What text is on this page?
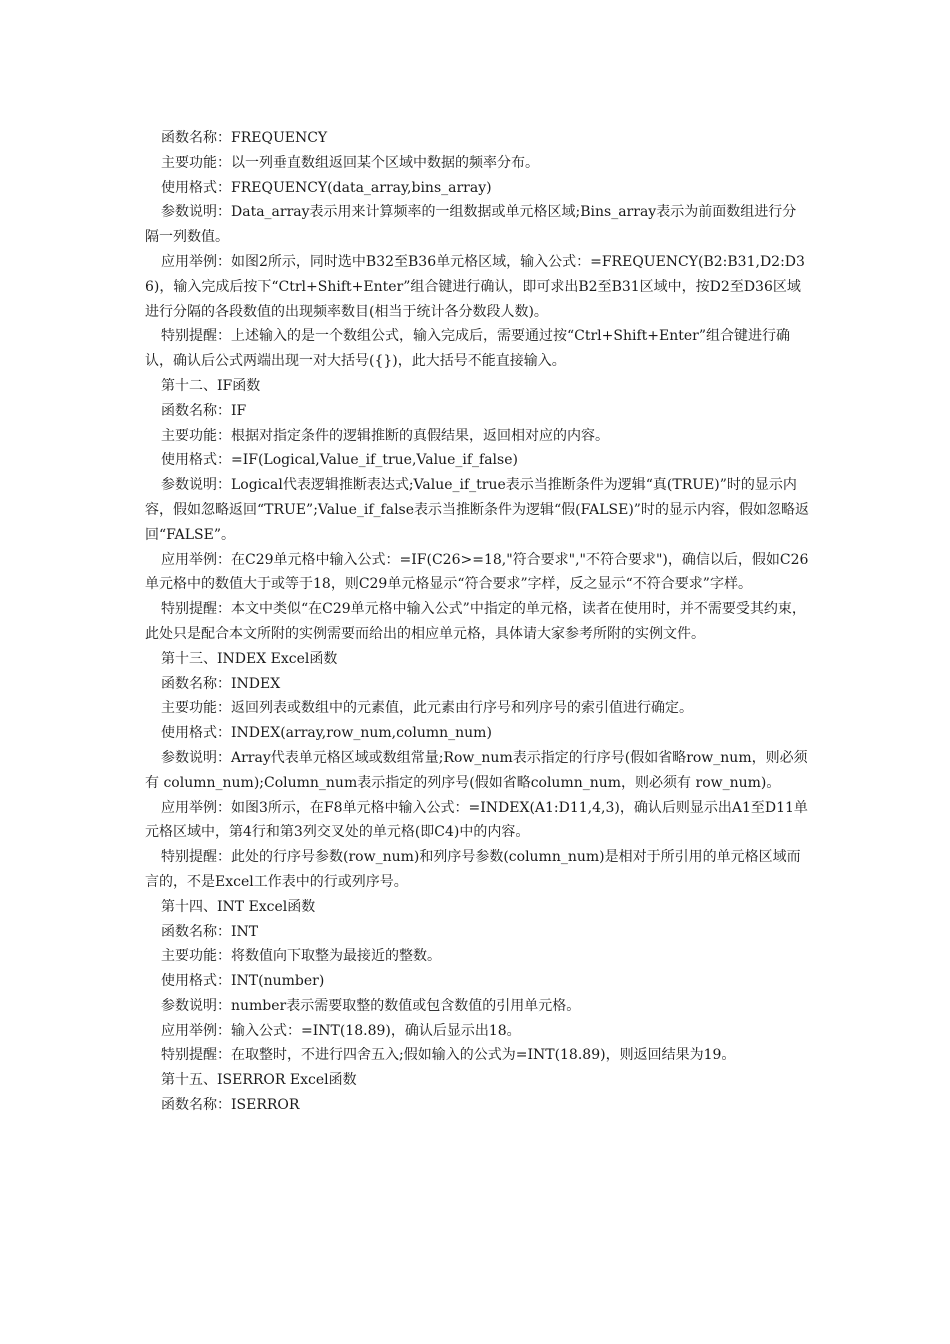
函数名称：FREQUENCY

主要功能：以一列垂直数组返回某个区域中数据的频率分布。

使用格式：FREQUENCY(data_array,bins_array)

参数说明：Data_array表示用来计算频率的一组数据或单元格区域;Bins_array表示为前面数组进行分隔一列数值。

应用举例：如图2所示，同时选中B32至B36单元格区域，输入公式：=FREQUENCY(B2:B31,D2:D36)，输入完成后按下“Ctrl+Shift+Enter”组合键进行确认，即可求出B2至B31区域中，按D2至D36区域进行分隔的各段数值的出现频率数目(相当于统计各分数段人数)。

特别提醒：上述输入的是一个数组公式，输入完成后，需要通过按“Ctrl+Shift+Enter”组合键进行确认，确认后公式两端出现一对大括号({})，此大括号不能直接输入。

第十二、IF函数

函数名称：IF

主要功能：根据对指定条件的逻辑推断的真假结果，返回相对应的内容。

使用格式：=IF(Logical,Value_if_true,Value_if_false)

参数说明：Logical代表逻辑推断表达式;Value_if_true表示当推断条件为逻辑“真(TRUE)”时的显示内容，假如忽略返回“TRUE”;Value_if_false表示当推断条件为逻辑“假(FALSE)”时的显示内容，假如忽略返回“FALSE”。

应用举例：在C29单元格中输入公式：=IF(C26>=18,"符合要求","不符合要求")，确信以后，假如C26单元格中的数值大于或等于18，则C29单元格显示“符合要求”字样，反之显示“不符合要求”字样。

特别提醒：本文中类似“在C29单元格中输入公式”中指定的单元格，读者在使用时，并不需要受其约束，此处只是配合本文所附的实例需要而给出的相应单元格，具体请大家参考所附的实例文件。

第十三、INDEX Excel函数

函数名称：INDEX

主要功能：返回列表或数组中的元素值，此元素由行序号和列序号的索引值进行确定。

使用格式：INDEX(array,row_num,column_num)

参数说明：Array代表单元格区域或数组常量;Row_num表示指定的行序号(假如省略row_num，则必须有 column_num);Column_num表示指定的列序号(假如省略column_num，则必须有 row_num)。

应用举例：如图3所示，在F8单元格中输入公式：=INDEX(A1:D11,4,3)，确认后则显示出A1至D11单元格区域中，第4行和第3列交叉处的单元格(即C4)中的内容。

特别提醒：此处的行序号参数(row_num)和列序号参数(column_num)是相对于所引用的单元格区域而言的，不是Excel工作表中的行或列序号。

第十四、INT Excel函数

函数名称：INT

主要功能：将数值向下取整为最接近的整数。

使用格式：INT(number)

参数说明：number表示需要取整的数值或包含数值的引用单元格。

应用举例：输入公式：=INT(18.89)，确认后显示出18。

特别提醒：在取整时，不进行四舍五入;假如输入的公式为=INT(18.89)，则返回结果为19。

第十五、ISERROR Excel函数

函数名称：ISERROR
